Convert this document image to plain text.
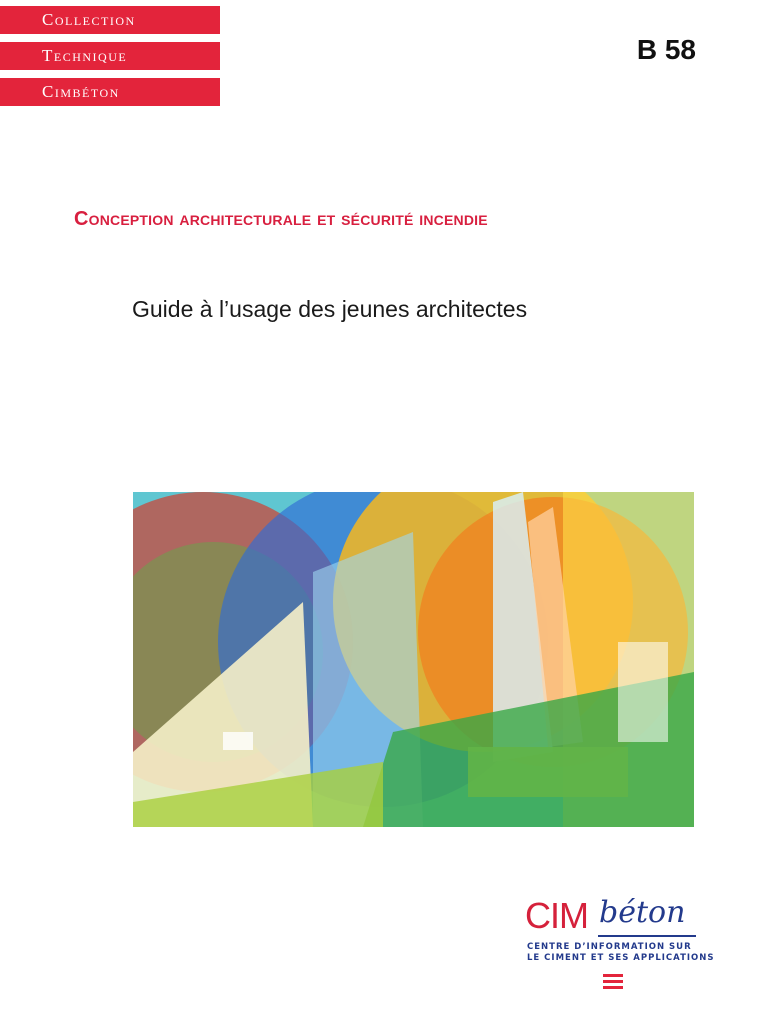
Collection
Technique
Cimbéton
B 58
Conception architecturale et sécurité incendie
Guide à l’usage des jeunes architectes
CIM béton
CENTRE D’INFORMATION SUR
LE CIMENT ET SES APPLICATIONS
